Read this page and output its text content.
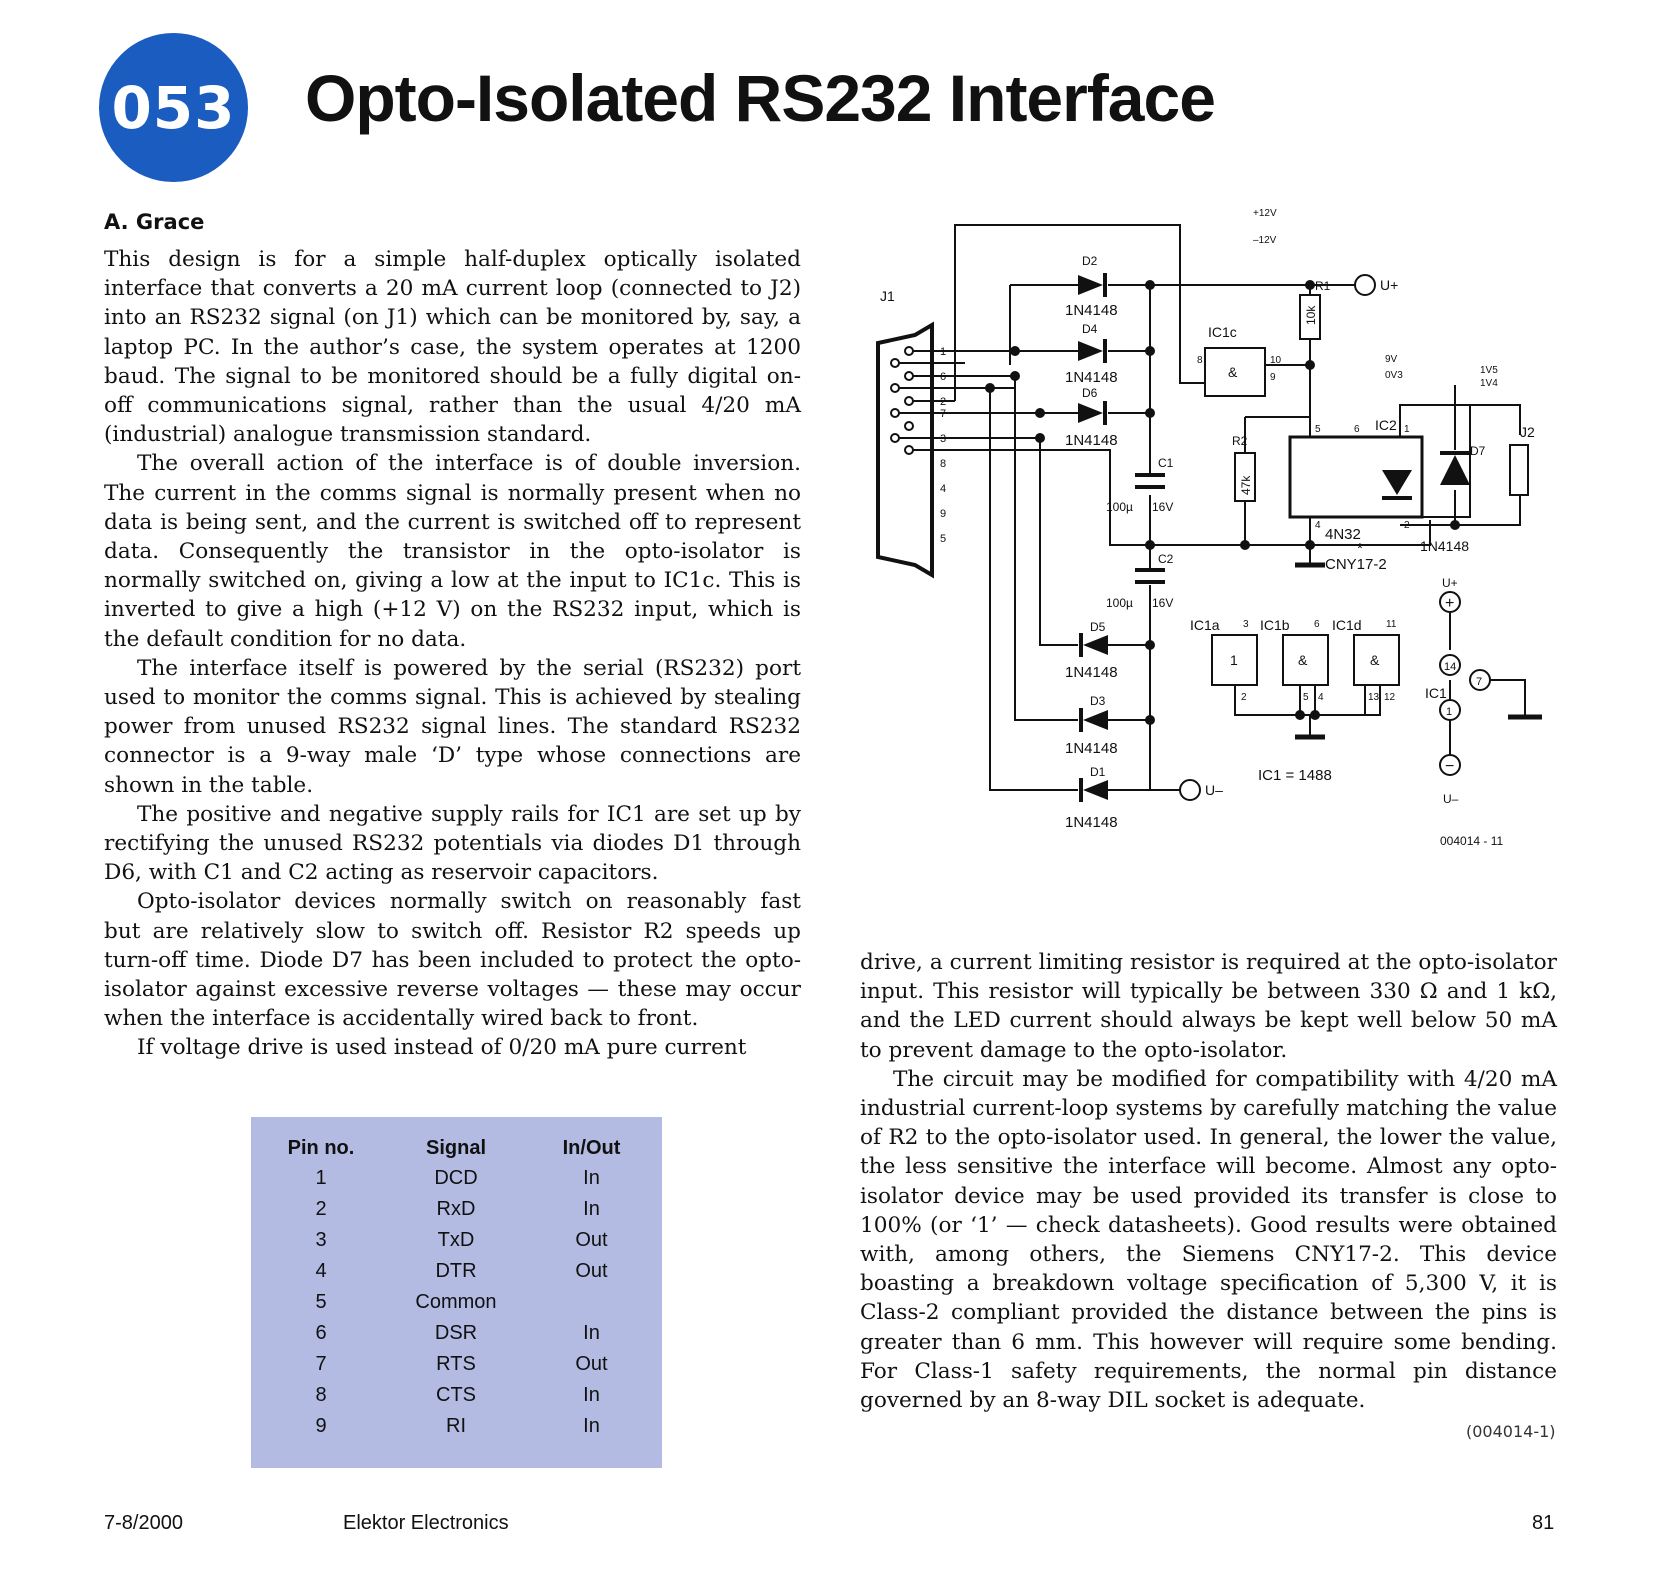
053 Opto-Isolated RS232 Interface
A. Grace

This design is for a simple half-duplex optically isolated interface that converts a 20 mA current loop (connected to J2) into an RS232 signal (on J1) which can be monitored by, say, a laptop PC. In the author’s case, the system operates at 1200 baud. The signal to be monitored should be a fully digital on-off communications signal, rather than the usual 4/20 mA (industrial) analogue transmission standard.

The overall action of the interface is of double inversion. The current in the comms signal is normally present when no data is being sent, and the current is switched off to represent data. Consequently the transistor in the opto-isolator is normally switched on, giving a low at the input to IC1c. This is inverted to give a high (+12 V) on the RS232 input, which is the default condition for no data.

The interface itself is powered by the serial (RS232) port used to monitor the comms signal. This is achieved by stealing power from unused RS232 signal lines. The standard RS232 connector is a 9-way male ‘D’ type whose connections are shown in the table.

The positive and negative supply rails for IC1 are set up by rectifying the unused RS232 potentials via diodes D1 through D6, with C1 and C2 acting as reservoir capacitors.

Opto-isolator devices normally switch on reasonably fast but are relatively slow to switch off. Resistor R2 speeds up turn-off time. Diode D7 has been included to protect the opto-isolator against excessive reverse voltages — these may occur when the interface is accidentally wired back to front.

If voltage drive is used instead of 0/20 mA pure current

drive, a current limiting resistor is required at the opto-isolator input. This resistor will typically be between 330 Ω and 1 kΩ, and the LED current should always be kept well below 50 mA to prevent damage to the opto-isolator.

The circuit may be modified for compatibility with 4/20 mA industrial current-loop systems by carefully matching the value of R2 to the opto-isolator used. In general, the lower the value, the less sensitive the interface will become. Almost any opto-isolator device may be used provided its transfer is close to 100% (or ‘1’ — check datasheets). Good results were obtained with, among others, the Siemens CNY17-2. This device boasting a breakdown voltage specification of 5,300 V, it is Class-2 compliant provided the distance between the pins is greater than 6 mm. This however will require some bending. For Class-1 safety requirements, the normal pin distance governed by an 8-way DIL socket is adequate.

(004014-1)
Pin no.	Signal	In/Out
1	DCD	In
2	RxD	In
3	TxD	Out
4	DTR	Out
5	Common	
6	DSR	In
7	RTS	Out
8	CTS	In
9	RI	In
J1
J2
1
6
2
7
3
8
4
9
5
D2
1N4148
D4
1N4148
D6
1N4148
D5
1N4148
D3
1N4148
D1
1N4148
C1
100µ 16V
C2
100µ 16V
R1
10k
R2
47k
IC1c
&
IC2
4N32
*
CNY17-2
1N4148
D7
IC1a	IC1b	IC1d
1	&	&
IC1 = 1488
U+
U–
U+
U–
IC1
14
1
7
+
−
+12V
–12V
9V
0V3	1V5
1V4
004014 - 11
8	10
9
5	6	1
4	2
3	6	11
2	5 4	13 12
7-8/2000	Elektor Electronics	81
